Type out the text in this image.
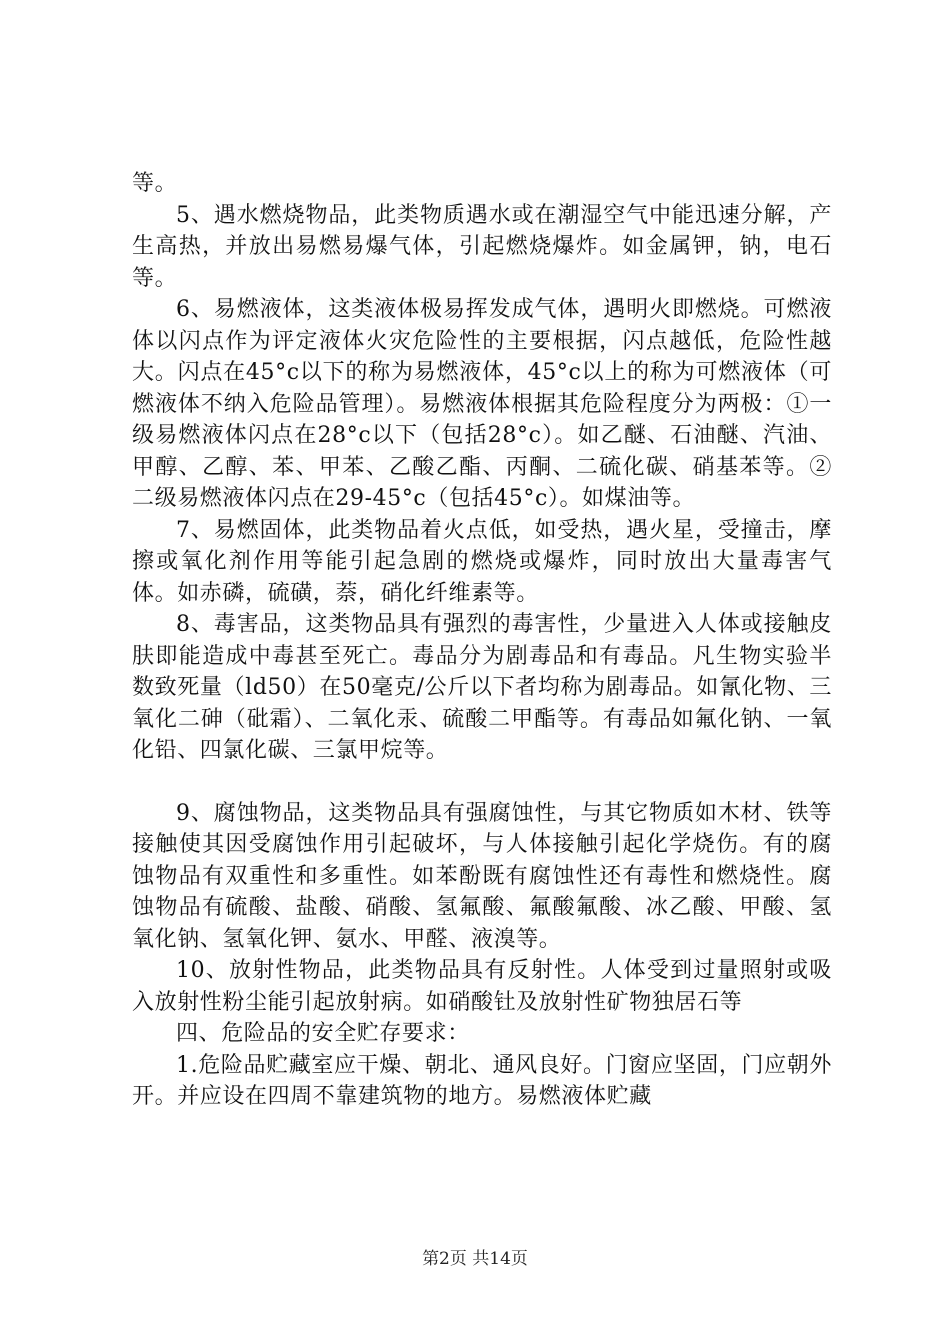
等。

5、遇水燃烧物品，此类物质遇水或在潮湿空气中能迅速分解，产生高热，并放出易燃易爆气体，引起燃烧爆炸。如金属钾，钠，电石等。

6、易燃液体，这类液体极易挥发成气体，遇明火即燃烧。可燃液体以闪点作为评定液体火灾危险性的主要根据，闪点越低，危险性越大。闪点在45°c以下的称为易燃液体，45°c以上的称为可燃液体（可燃液体不纳入危险品管理）。易燃液体根据其危险程度分为两极：①一级易燃液体闪点在28°c以下（包括28°c）。如乙醚、石油醚、汽油、甲醇、乙醇、苯、甲苯、乙酸乙酯、丙酮、二硫化碳、硝基苯等。②二级易燃液体闪点在29-45°c（包括45°c）。如煤油等。

7、易燃固体，此类物品着火点低，如受热，遇火星，受撞击，摩擦或氧化剂作用等能引起急剧的燃烧或爆炸，同时放出大量毒害气体。如赤磷，硫磺，萘，硝化纤维素等。

8、毒害品，这类物品具有强烈的毒害性，少量进入人体或接触皮肤即能造成中毒甚至死亡。毒品分为剧毒品和有毒品。凡生物实验半数致死量（ld50）在50毫克/公斤以下者均称为剧毒品。如氰化物、三氧化二砷（砒霜）、二氧化汞、硫酸二甲酯等。有毒品如氟化钠、一氧化铅、四氯化碳、三氯甲烷等。

9、腐蚀物品，这类物品具有强腐蚀性，与其它物质如木材、铁等接触使其因受腐蚀作用引起破坏，与人体接触引起化学烧伤。有的腐蚀物品有双重性和多重性。如苯酚既有腐蚀性还有毒性和燃烧性。腐蚀物品有硫酸、盐酸、硝酸、氢氟酸、氟酸氟酸、冰乙酸、甲酸、氢氧化钠、氢氧化钾、氨水、甲醛、液溴等。

10、放射性物品，此类物品具有反射性。人体受到过量照射或吸入放射性粉尘能引起放射病。如硝酸钍及放射性矿物独居石等

四、危险品的安全贮存要求：

1.危险品贮藏室应干燥、朝北、通风良好。门窗应坚固，门应朝外开。并应设在四周不靠建筑物的地方。易燃液体贮藏

第2页 共14页
